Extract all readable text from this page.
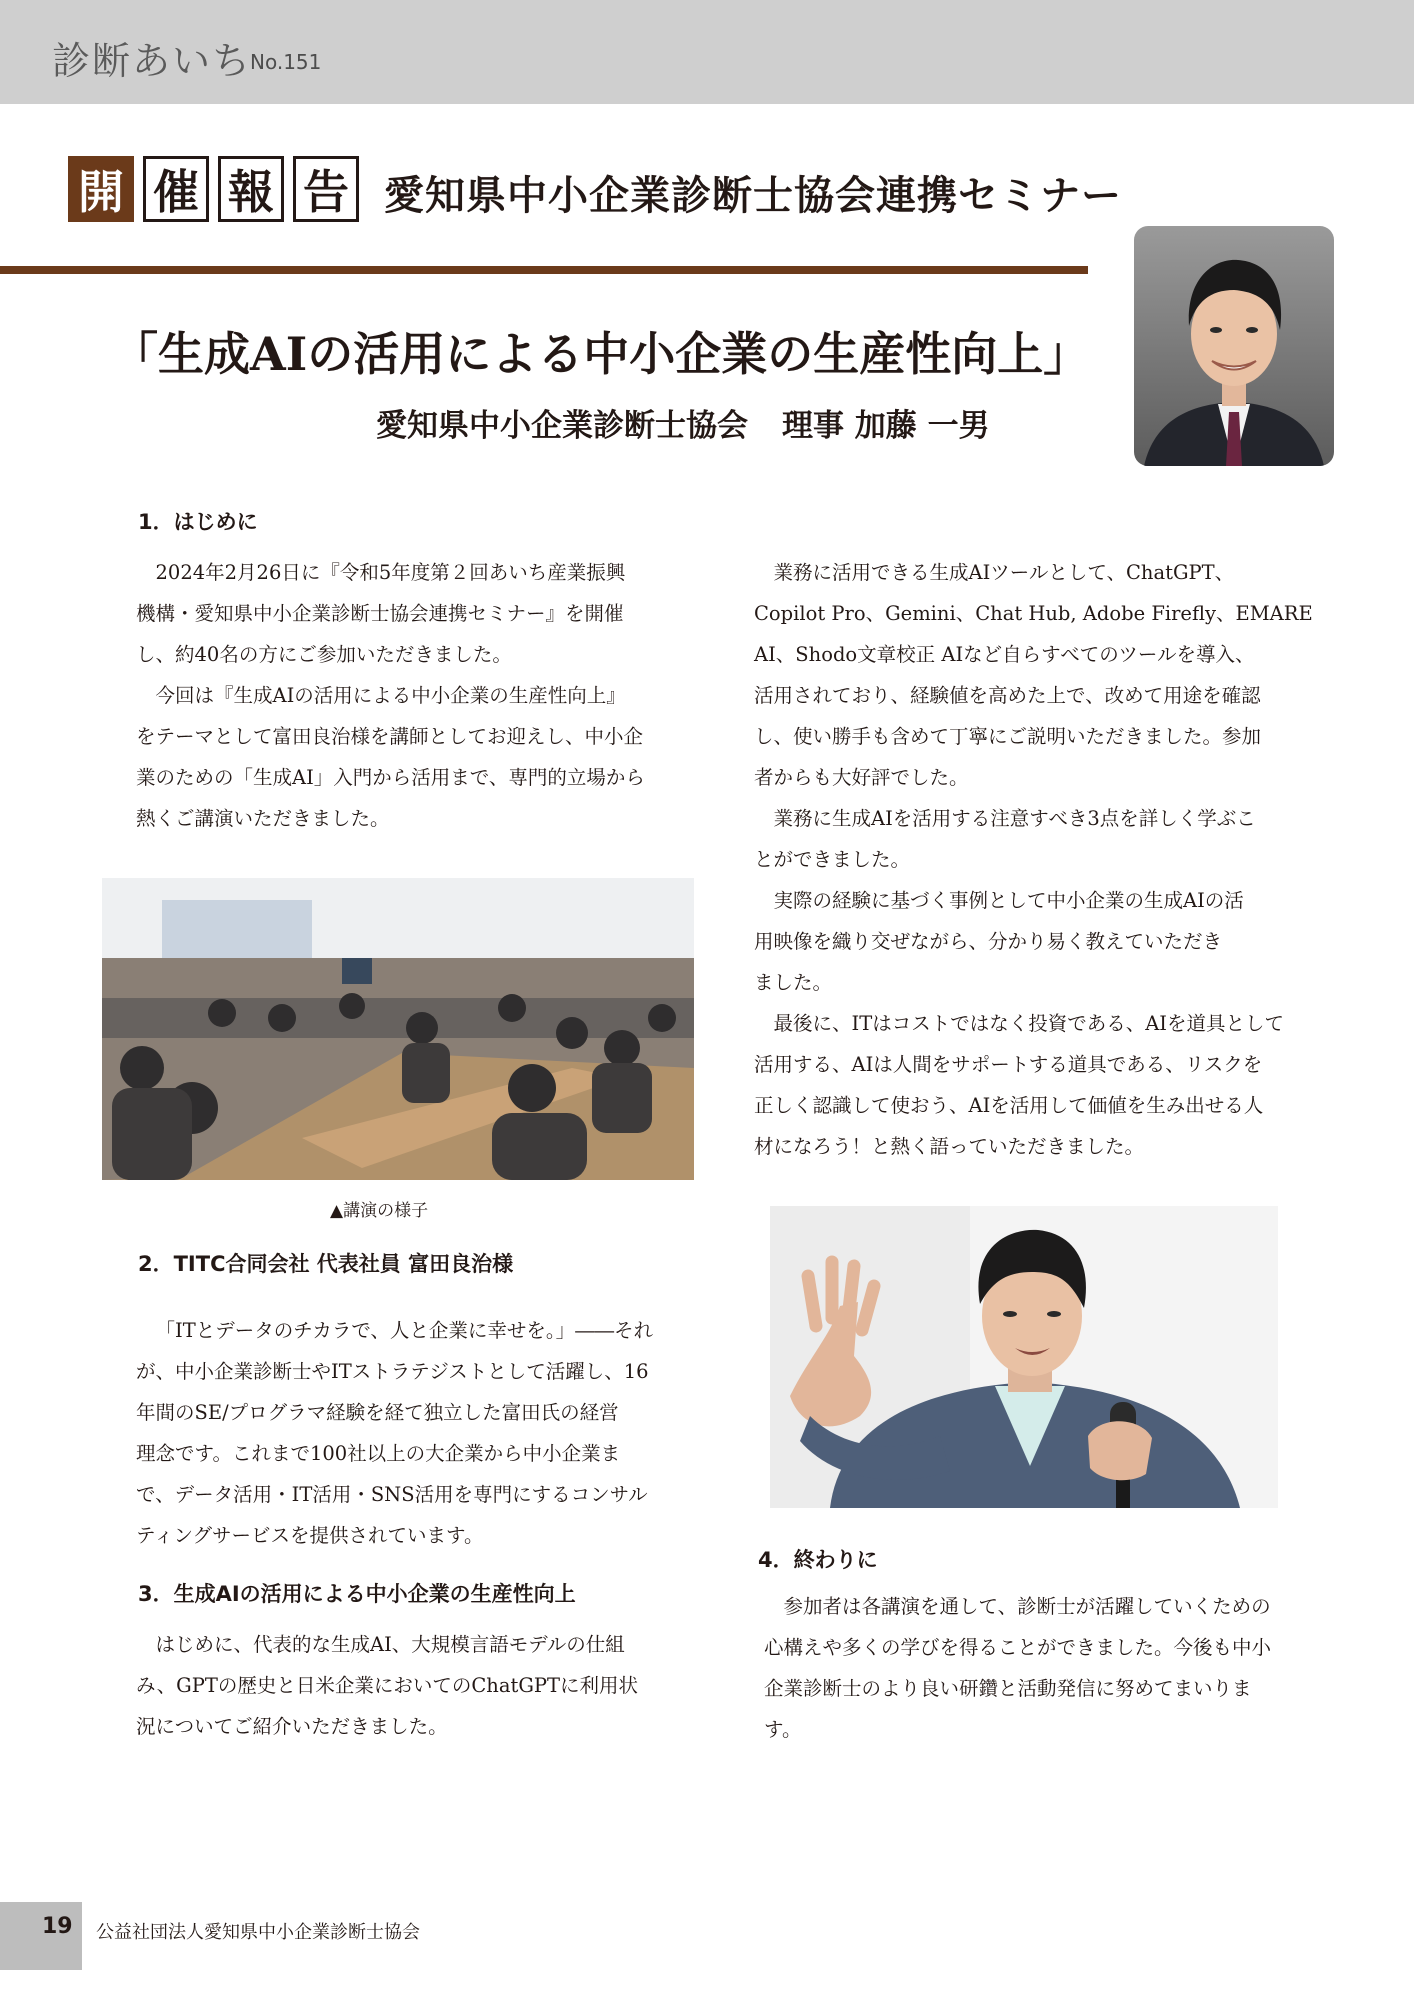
診断あいち
No.151
開 催 報 告 愛知県中小企業診断士協会連携セミナー
「生成AIの活用による中小企業の生産性向上」
愛知県中小企業診断士協会 理事 加藤 一男
1．はじめに

2024年2月26日に『令和5年度第２回あいち産業振興
機構・愛知県中小企業診断士協会連携セミナー』を開催
し、約40名の方にご参加いただきました。

今回は『生成AIの活用による中小企業の生産性向上』
をテーマとして富田良治様を講師としてお迎えし、中小企
業のための「生成AI」入門から活用まで、専門的立場から
熱くご講演いただきました。

▲講演の様子
2．TITC合同会社 代表社員 富田良治様

「ITとデータのチカラで、人と企業に幸せを。」――それ
が、中小企業診断士やITストラテジストとして活躍し、16
年間のSE/プログラマ経験を経て独立した富田氏の経営
理念です。これまで100社以上の大企業から中小企業ま
で、データ活用・IT活用・SNS活用を専門にするコンサル
ティングサービスを提供されています。

3．生成AIの活用による中小企業の生産性向上

はじめに、代表的な生成AI、大規模言語モデルの仕組
み、GPTの歴史と日米企業においてのChatGPTに利用状
況についてご紹介いただきました。

業務に活用できる生成AIツールとして、ChatGPT、
Copilot Pro、Gemini、Chat Hub, Adobe Firefly、EMARE
AI、Shodo文章校正 AIなど自らすべてのツールを導入、
活用されており、経験値を高めた上で、改めて用途を確認
し、使い勝手も含めて丁寧にご説明いただきました。参加
者からも大好評でした。

業務に生成AIを活用する注意すべき3点を詳しく学ぶこ
とができました。

実際の経験に基づく事例として中小企業の生成AIの活
用映像を織り交ぜながら、分かり易く教えていただき
ました。

最後に、ITはコストではなく投資である、AIを道具として
活用する、AIは人間をサポートする道具である、リスクを
正しく認識して使おう、AIを活用して価値を生み出せる人
材になろう！と熱く語っていただきました。

4．終わりに

参加者は各講演を通して、診断士が活躍していくための
心構えや多くの学びを得ることができました。今後も中小
企業診断士のより良い研鑽と活動発信に努めてまいりま
す。

19 公益社団法人愛知県中小企業診断士協会
